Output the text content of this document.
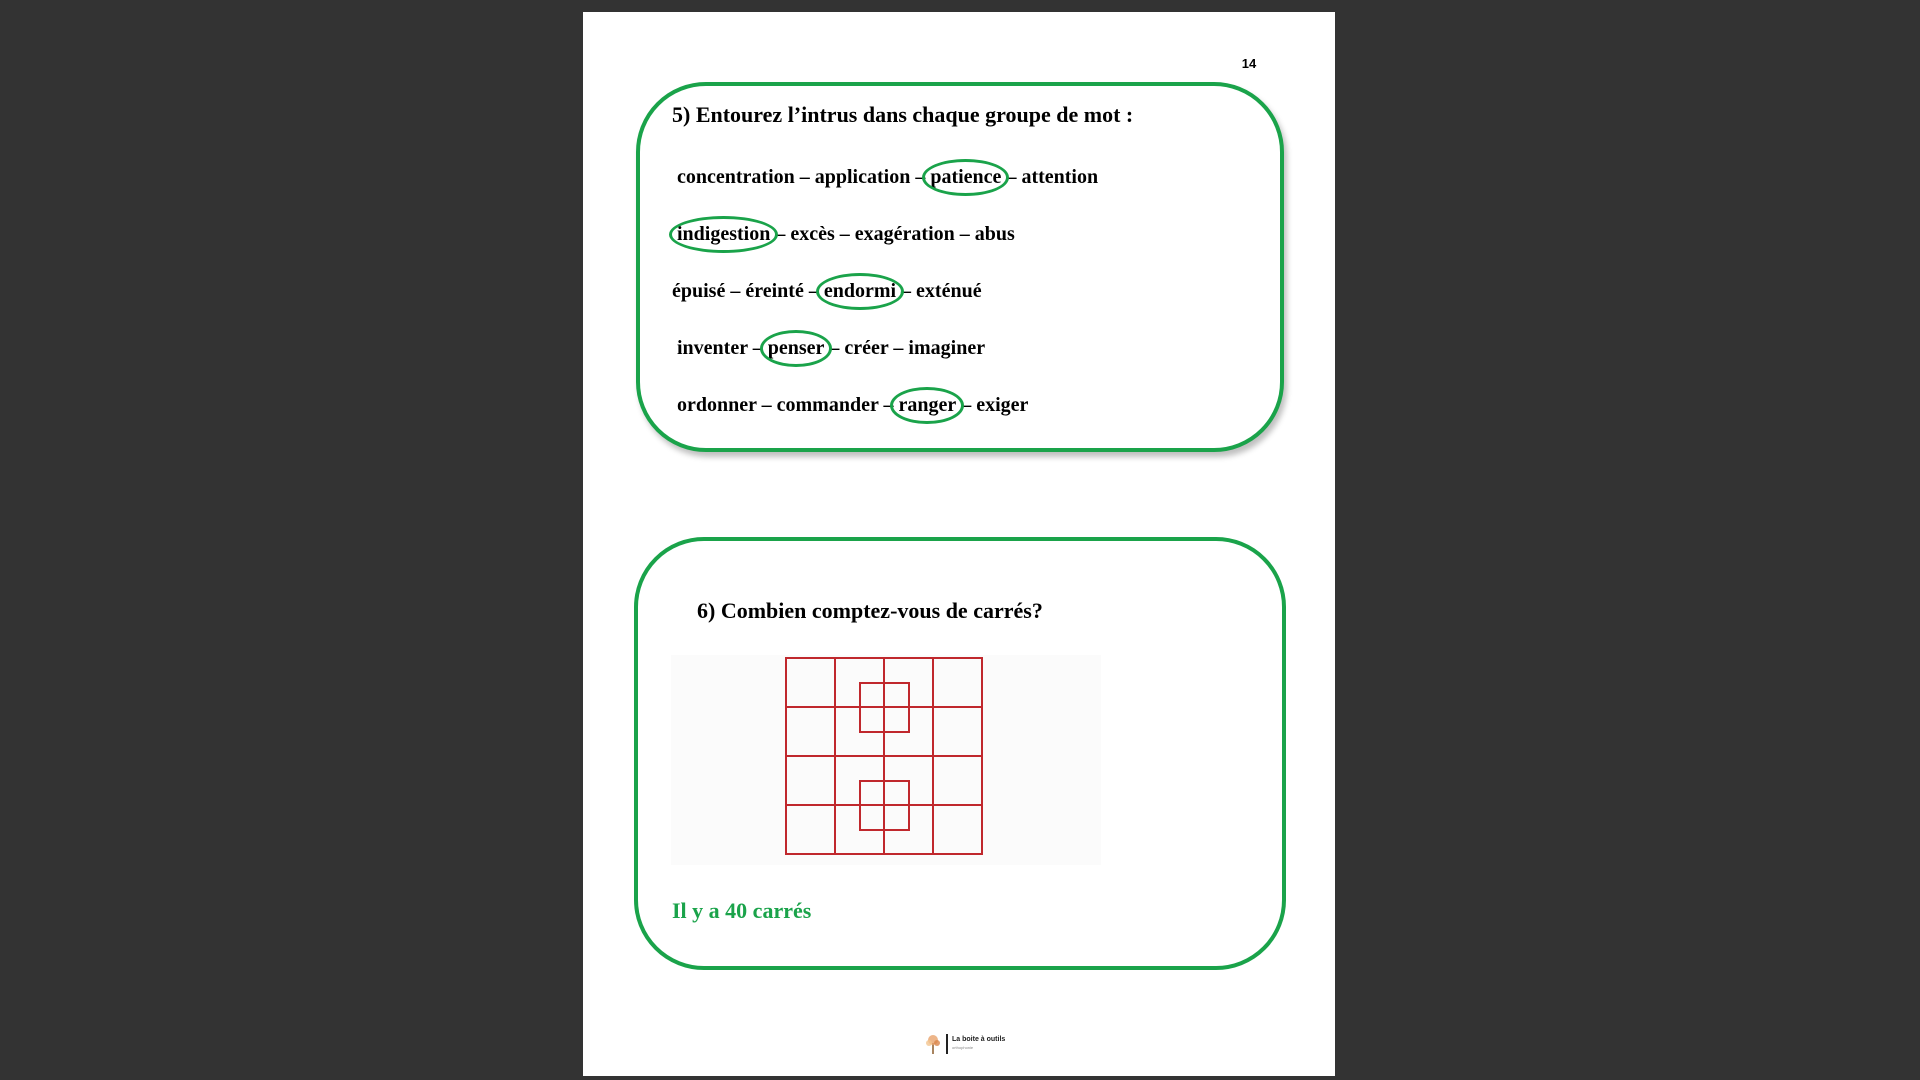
14
5) Entourez l’intrus dans chaque groupe de mot :
concentration – application – patience – attention
indigestion – excès – exagération – abus
épuisé – éreinté – endormi – exténué
inventer – penser – créer – imaginer
ordonner – commander – ranger – exiger
6) Combien comptez-vous de carrés?
Il y a 40 carrés
La boite à outils
orthophonie
